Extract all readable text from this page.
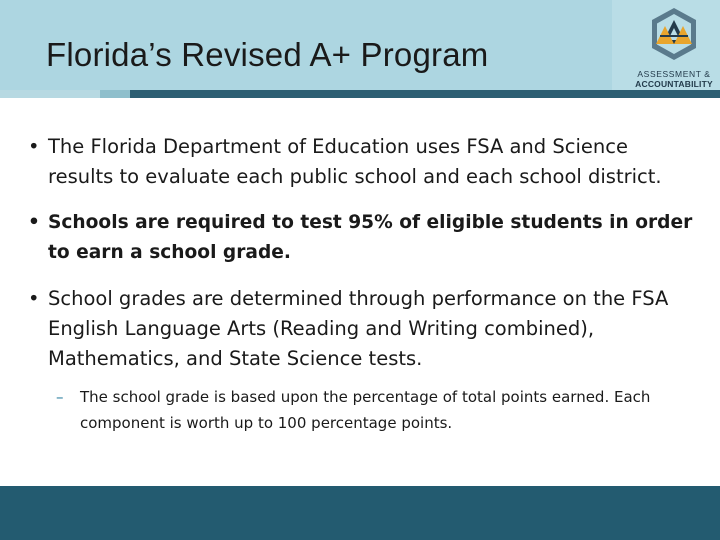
Florida’s Revised A+ Program
ASSESSMENT &
ACCOUNTABILITY
• The Florida Department of Education uses FSA and Science results to evaluate each public school and each school district.
• Schools are required to test 95% of eligible students in order to earn a school grade.
• School grades are determined through performance on the FSA English Language Arts (Reading and Writing combined), Mathematics, and State Science tests.
– The school grade is based upon the percentage of total points earned. Each component is worth up to 100 percentage points.
